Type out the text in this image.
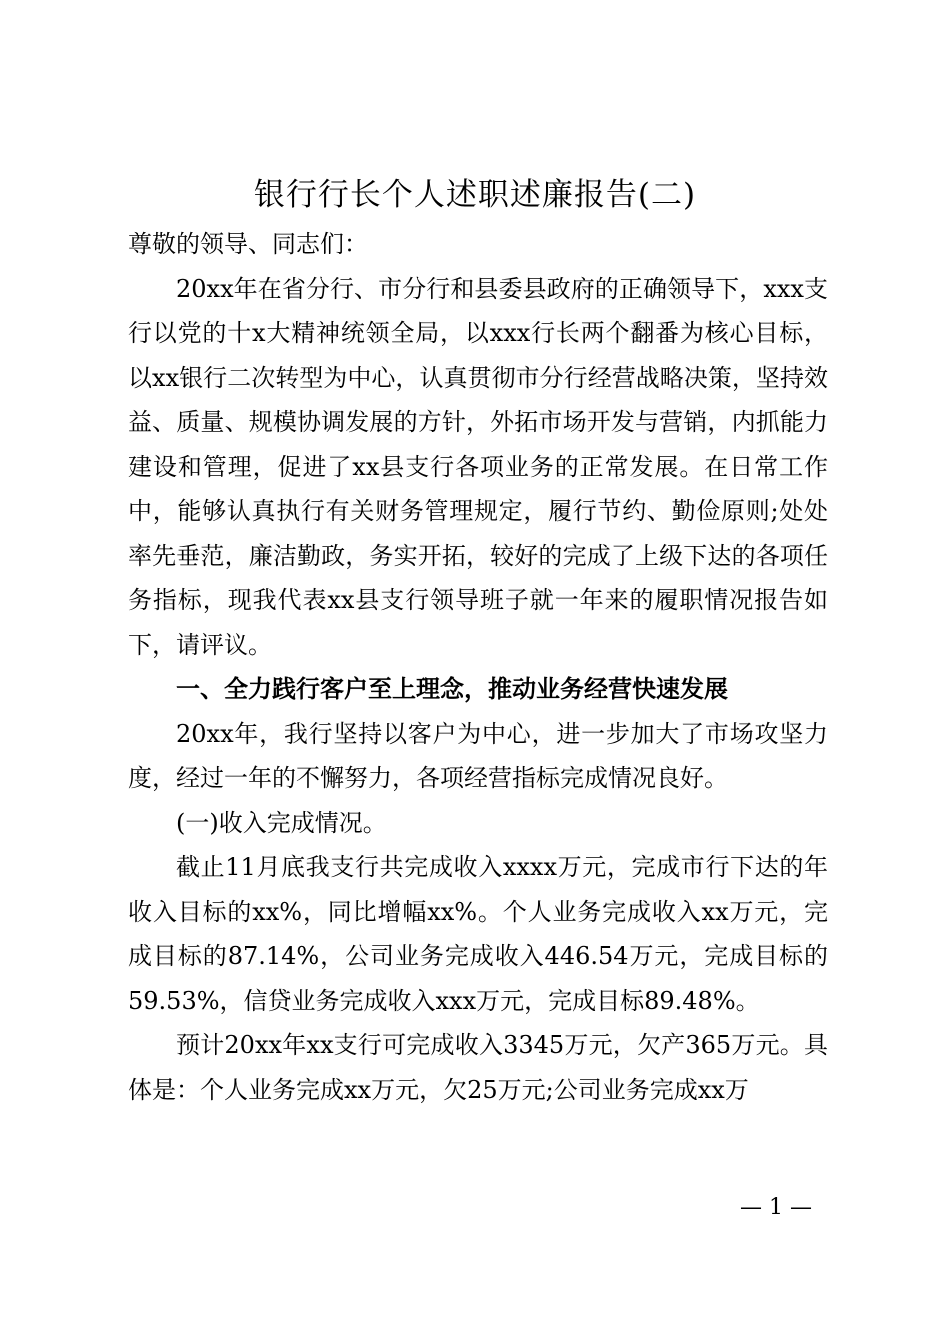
银行行长个人述职述廉报告(二)

尊敬的领导、同志们：

20xx年在省分行、市分行和县委县政府的正确领导下，xxx支行以党的十x大精神统领全局，以xxx行长两个翻番为核心目标，以xx银行二次转型为中心，认真贯彻市分行经营战略决策，坚持效益、质量、规模协调发展的方针，外拓市场开发与营销，内抓能力建设和管理，促进了xx县支行各项业务的正常发展。在日常工作中，能够认真执行有关财务管理规定，履行节约、勤俭原则;处处率先垂范，廉洁勤政，务实开拓，较好的完成了上级下达的各项任务指标，现我代表xx县支行领导班子就一年来的履职情况报告如下，请评议。

一、全力践行客户至上理念，推动业务经营快速发展

20xx年，我行坚持以客户为中心，进一步加大了市场攻坚力度，经过一年的不懈努力，各项经营指标完成情况良好。

(一)收入完成情况。

截止11月底我支行共完成收入xxxx万元，完成市行下达的年收入目标的xx%，同比增幅xx%。个人业务完成收入xx万元，完成目标的87.14%，公司业务完成收入446.54万元，完成目标的59.53%，信贷业务完成收入xxx万元，完成目标89.48%。

预计20xx年xx支行可完成收入3345万元，欠产365万元。具体是：个人业务完成xx万元，欠25万元;公司业务完成xx万

— 1 —
